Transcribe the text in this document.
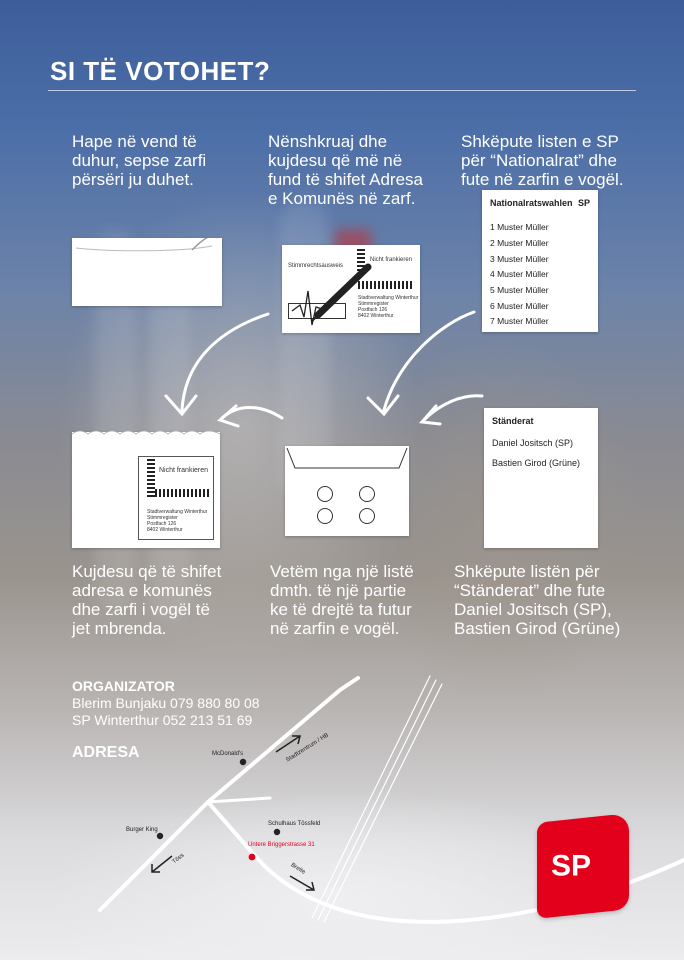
SI TË VOTOHET?
Hape në vend të
duhur, sepse zarfi
përsëri ju duhet.
Nënshkruaj dhe
kujdesu që më në
fund të shifet Adresa
e Komunës në zarf.
Shkëpute listen e SP
për “Nationalrat” dhe
fute në zarfin e vogël.
Kujdesu që të shifet
adresa e komunës
dhe zarfi i vogël të
jet mbrenda.
Vetëm nga një listë
dmth. të një partie
ke të drejtë ta futur
në zarfin e vogël.
Shkëpute listën për
“Ständerat” dhe fute
Daniel Jositsch (SP),
Bastien Girod (Grüne)
Stimmrechtsausweis
Nicht frankieren
Stadtverwaltung Winterthur
Stimmregister
Postfach 126
8402 Winterthur
Nationalratswahlen SP
1 Muster Müller
2 Muster Müller
3 Muster Müller
4 Muster Müller
5 Muster Müller
6 Muster Müller
7 Muster Müller
Nicht frankieren
Stadtverwaltung Winterthur
Stimmregister
Postfach 126
8402 Winterthur
Ständerat
Daniel Jositsch (SP)
Bastien Girod (Grüne)
ORGANIZATOR
Blerim Bunjaku 079 880 80 08
SP Winterthur 052 213 51 69
ADRESA	McDonald's	Stadtzentrum / HB
Burger King
Schulhaus Tössfeld
Untere Briggerstrasse 31
Töss
Breite	SP
